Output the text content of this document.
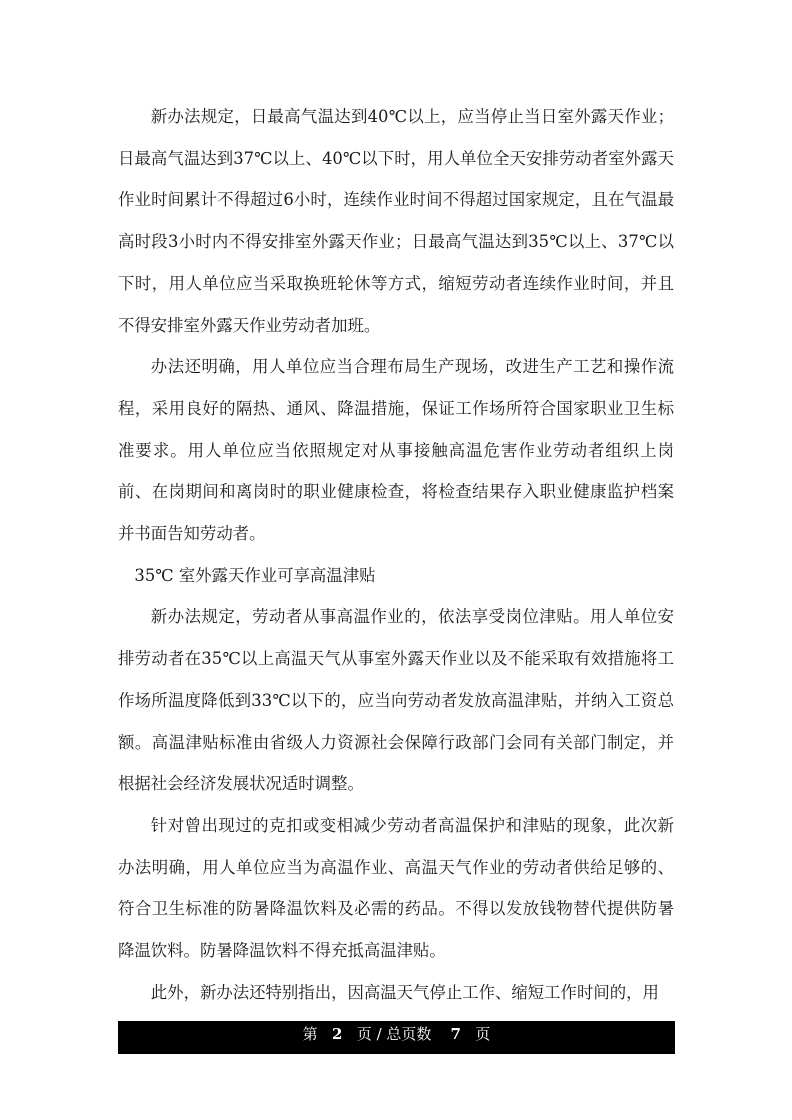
新办法规定，日最高气温达到40℃以上，应当停止当日室外露天作业；日最高气温达到37℃以上、40℃以下时，用人单位全天安排劳动者室外露天作业时间累计不得超过6小时，连续作业时间不得超过国家规定，且在气温最高时段3小时内不得安排室外露天作业；日最高气温达到35℃以上、37℃以下时，用人单位应当采取换班轮休等方式，缩短劳动者连续作业时间，并且不得安排室外露天作业劳动者加班。

办法还明确，用人单位应当合理布局生产现场，改进生产工艺和操作流程，采用良好的隔热、通风、降温措施，保证工作场所符合国家职业卫生标准要求。用人单位应当依照规定对从事接触高温危害作业劳动者组织上岗前、在岗期间和离岗时的职业健康检查，将检查结果存入职业健康监护档案并书面告知劳动者。

35℃ 室外露天作业可享高温津贴

新办法规定，劳动者从事高温作业的，依法享受岗位津贴。用人单位安排劳动者在35℃以上高温天气从事室外露天作业以及不能采取有效措施将工作场所温度降低到33℃以下的，应当向劳动者发放高温津贴，并纳入工资总额。高温津贴标准由省级人力资源社会保障行政部门会同有关部门制定，并根据社会经济发展状况适时调整。

针对曾出现过的克扣或变相减少劳动者高温保护和津贴的现象，此次新办法明确，用人单位应当为高温作业、高温天气作业的劳动者供给足够的、符合卫生标准的防暑降温饮料及必需的药品。不得以发放钱物替代提供防暑降温饮料。防暑降温饮料不得充抵高温津贴。

此外，新办法还特别指出，因高温天气停止工作、缩短工作时间的，用

第 2 页 / 总页数 7 页
